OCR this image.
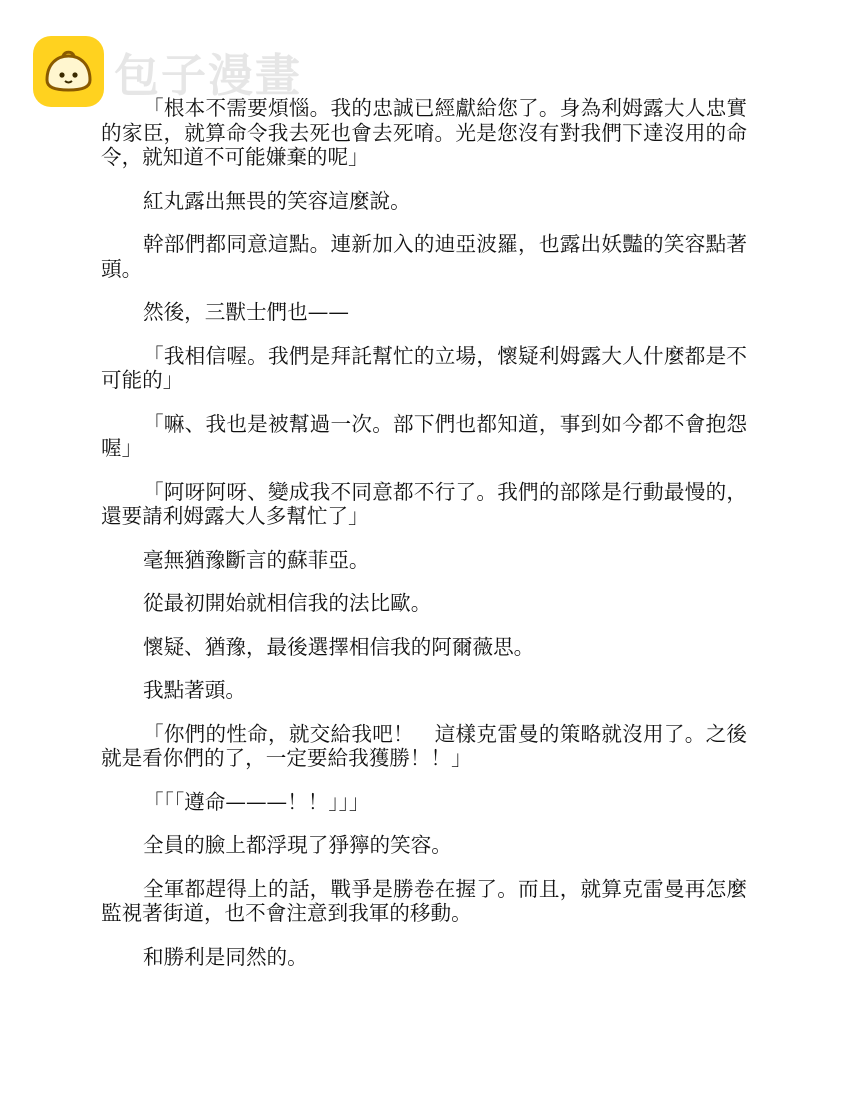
包子漫畫

「根本不需要煩惱。我的忠誠已經獻給您了。身為利姆露大人忠實的家臣，就算命令我去死也會去死唷。光是您沒有對我們下達沒用的命令，就知道不可能嫌棄的呢」

紅丸露出無畏的笑容這麼說。

幹部們都同意這點。連新加入的迪亞波羅，也露出妖豔的笑容點著頭。

然後，三獸士們也——

「我相信喔。我們是拜託幫忙的立場，懷疑利姆露大人什麼都是不可能的」

「嘛、我也是被幫過一次。部下們也都知道，事到如今都不會抱怨喔」

「阿呀阿呀、變成我不同意都不行了。我們的部隊是行動最慢的，還要請利姆露大人多幫忙了」

毫無猶豫斷言的蘇菲亞。

從最初開始就相信我的法比歐。

懷疑、猶豫，最後選擇相信我的阿爾薇思。

我點著頭。

「你們的性命，就交給我吧！　這樣克雷曼的策略就沒用了。之後就是看你們的了，一定要給我獲勝！！」

「「「遵命———！！」」」

全員的臉上都浮現了猙獰的笑容。

全軍都趕得上的話，戰爭是勝卷在握了。而且，就算克雷曼再怎麼監視著街道，也不會注意到我軍的移動。

和勝利是同然的。
